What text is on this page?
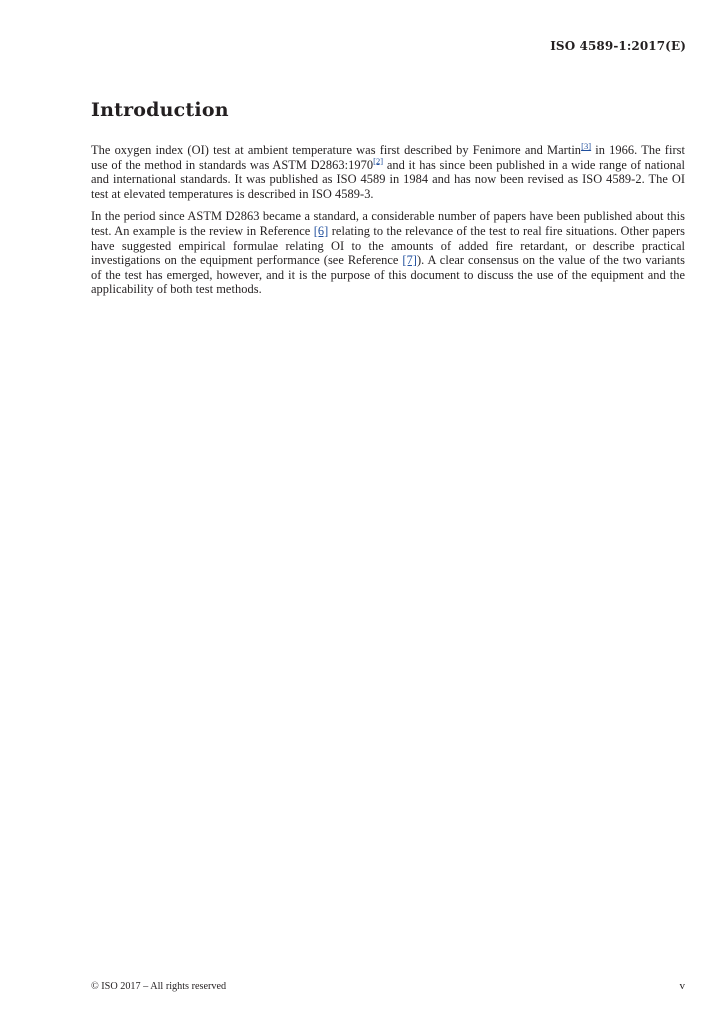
ISO 4589-1:2017(E)
Introduction

The oxygen index (OI) test at ambient temperature was first described by Fenimore and Martin[3] in 1966. The first use of the method in standards was ASTM D2863:1970[2] and it has since been published in a wide range of national and international standards. It was published as ISO 4589 in 1984 and has now been revised as ISO 4589-2. The OI test at elevated temperatures is described in ISO 4589-3.

In the period since ASTM D2863 became a standard, a considerable number of papers have been published about this test. An example is the review in Reference [6] relating to the relevance of the test to real fire situations. Other papers have suggested empirical formulae relating OI to the amounts of added fire retardant, or describe practical investigations on the equipment performance (see Reference [7]). A clear consensus on the value of the two variants of the test has emerged, however, and it is the purpose of this document to discuss the use of the equipment and the applicability of both test methods.

© ISO 2017 – All rights reserved	v
